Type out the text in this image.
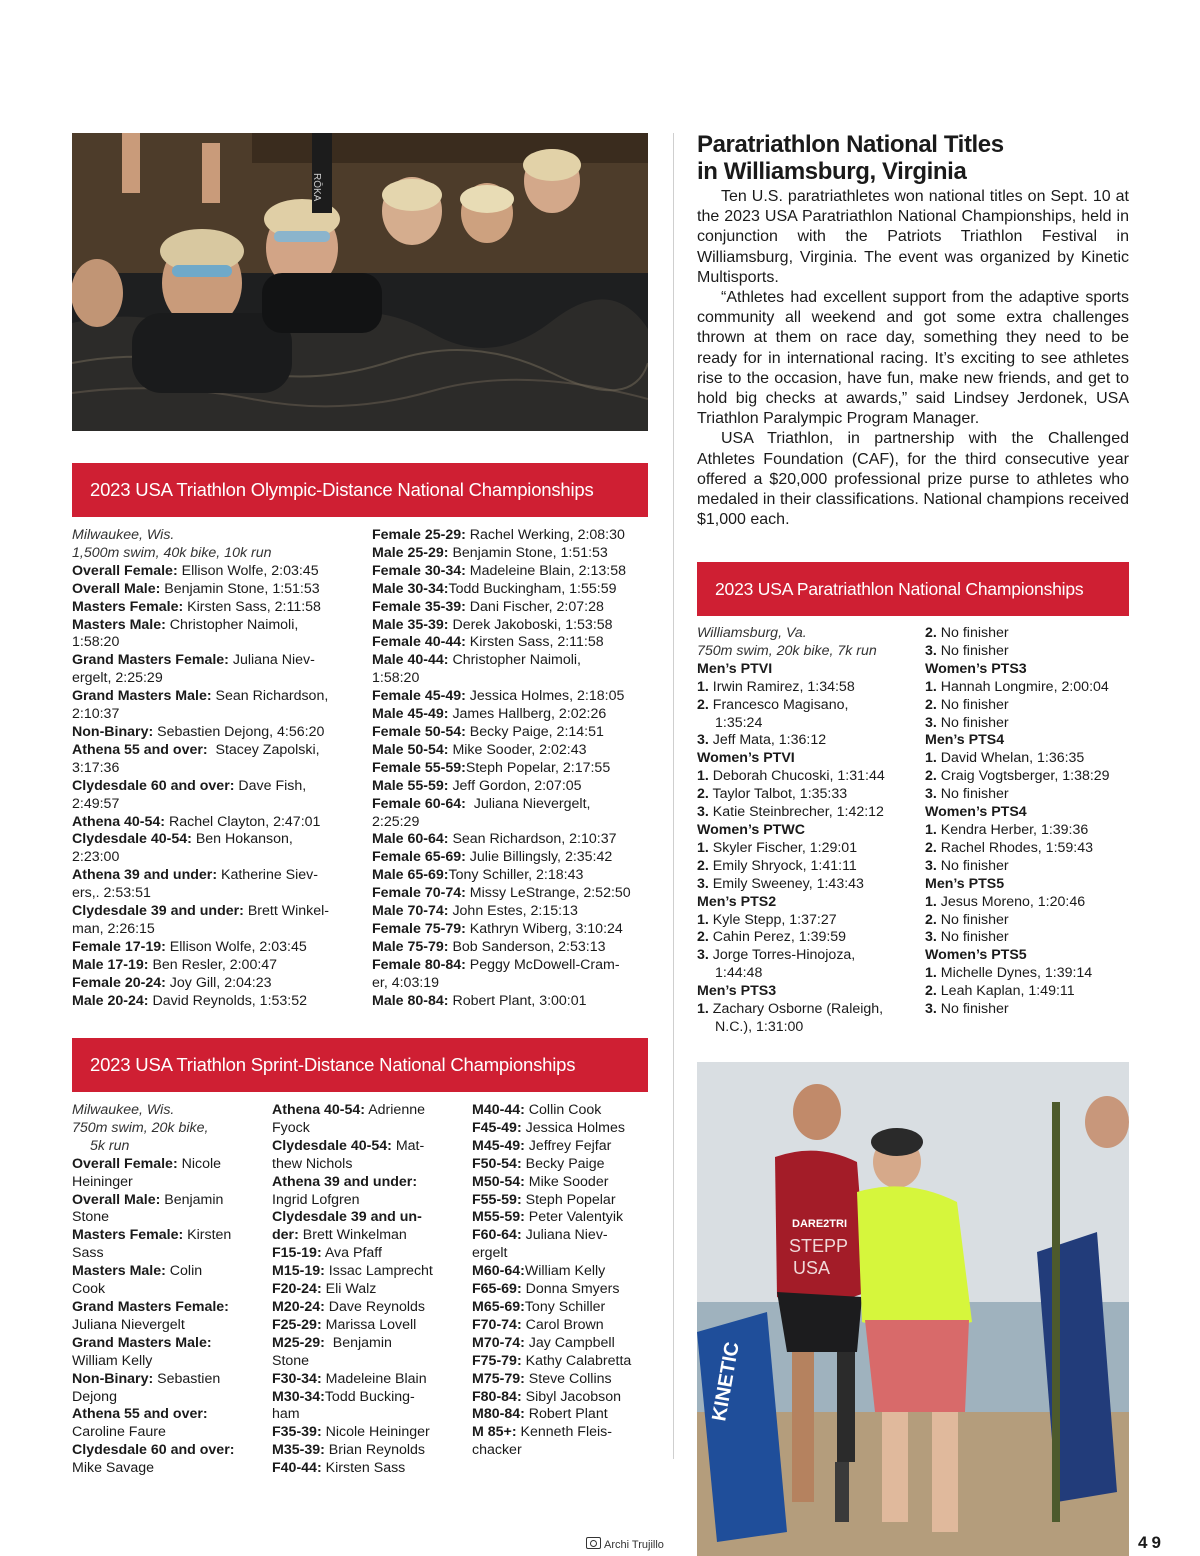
RŌKA
2023 USA Triathlon Olympic-Distance National Championships
Milwaukee, Wis.
1,500m swim, 40k bike, 10k run
Overall Female: Ellison Wolfe, 2:03:45
Overall Male: Benjamin Stone, 1:51:53
Masters Female: Kirsten Sass, 2:11:58
Masters Male: Christopher Naimoli,
1:58:20
Grand Masters Female: Juliana Niev-
ergelt, 2:25:29
Grand Masters Male: Sean Richardson,
2:10:37
Non-Binary: Sebastien Dejong, 4:56:20
Athena 55 and over:  Stacey Zapolski,
3:17:36
Clydesdale 60 and over: Dave Fish,
2:49:57
Athena 40-54: Rachel Clayton, 2:47:01
Clydesdale 40-54: Ben Hokanson,
2:23:00
Athena 39 and under: Katherine Siev-
ers,. 2:53:51
Clydesdale 39 and under: Brett Winkel-
man, 2:26:15
Female 17-19: Ellison Wolfe, 2:03:45
Male 17-19: Ben Resler, 2:00:47
Female 20-24: Joy Gill, 2:04:23
Male 20-24: David Reynolds, 1:53:52
Female 25-29: Rachel Werking, 2:08:30
Male 25-29: Benjamin Stone, 1:51:53
Female 30-34: Madeleine Blain, 2:13:58
Male 30-34:Todd Buckingham, 1:55:59
Female 35-39: Dani Fischer, 2:07:28
Male 35-39: Derek Jakoboski, 1:53:58
Female 40-44: Kirsten Sass, 2:11:58
Male 40-44: Christopher Naimoli,
1:58:20
Female 45-49: Jessica Holmes, 2:18:05
Male 45-49: James Hallberg, 2:02:26
Female 50-54: Becky Paige, 2:14:51
Male 50-54: Mike Sooder, 2:02:43
Female 55-59:Steph Popelar, 2:17:55
Male 55-59: Jeff Gordon, 2:07:05
Female 60-64:  Juliana Nievergelt,
2:25:29
Male 60-64: Sean Richardson, 2:10:37
Female 65-69: Julie Billingsly, 2:35:42
Male 65-69:Tony Schiller, 2:18:43
Female 70-74: Missy LeStrange, 2:52:50
Male 70-74: John Estes, 2:15:13
Female 75-79: Kathryn Wiberg, 3:10:24
Male 75-79: Bob Sanderson, 2:53:13
Female 80-84: Peggy McDowell-Cram-
er, 4:03:19
Male 80-84: Robert Plant, 3:00:01
2023 USA Triathlon Sprint-Distance National Championships
Milwaukee, Wis.
750m swim, 20k bike,
5k run
Overall Female: Nicole
Heininger
Overall Male: Benjamin
Stone
Masters Female: Kirsten
Sass
Masters Male: Colin
Cook
Grand Masters Female:
Juliana Nievergelt
Grand Masters Male:
William Kelly
Non-Binary: Sebastien
Dejong
Athena 55 and over:
Caroline Faure
Clydesdale 60 and over:
Mike Savage
Athena 40-54: Adrienne
Fyock
Clydesdale 40-54: Mat-
thew Nichols
Athena 39 and under:
Ingrid Lofgren
Clydesdale 39 and un-
der: Brett Winkelman
F15-19: Ava Pfaff
M15-19: Issac Lamprecht
F20-24: Eli Walz
M20-24: Dave Reynolds
F25-29: Marissa Lovell
M25-29:  Benjamin
Stone
F30-34: Madeleine Blain
M30-34:Todd Bucking-
ham
F35-39: Nicole Heininger
M35-39: Brian Reynolds
F40-44: Kirsten Sass
M40-44: Collin Cook
F45-49: Jessica Holmes
M45-49: Jeffrey Fejfar
F50-54: Becky Paige
M50-54: Mike Sooder
F55-59: Steph Popelar
M55-59: Peter Valentyik
F60-64: Juliana Niev-
ergelt
M60-64:William Kelly
F65-69: Donna Smyers
M65-69:Tony Schiller
F70-74: Carol Brown
M70-74: Jay Campbell
F75-79: Kathy Calabretta
M75-79: Steve Collins
F80-84: Sibyl Jacobson
M80-84: Robert Plant
M 85+: Kenneth Fleis-
chacker
Paratriathlon National Titles
in Williamsburg, Virginia

Ten U.S. paratriathletes won national titles on Sept. 10 at the 2023 USA Paratriathlon National Championships, held in conjunction with the Patriots Triathlon Festival in Williamsburg, Virginia. The event was organized by Kinetic Multisports.

“Athletes had excellent support from the adaptive sports community all weekend and got some extra challenges thrown at them on race day, something they need to be ready for in international racing. It’s exciting to see athletes rise to the occasion, have fun, make new friends, and get to hold big checks at awards,” said Lindsey Jerdonek, USA Triathlon Paralympic Program Manager.

USA Triathlon, in partnership with the Challenged Athletes Foundation (CAF), for the third consecutive year offered a $20,000 professional prize purse to athletes who medaled in their classifications. National champions received $1,000 each.

2023 USA Paratriathlon National Championships
Williamsburg, Va.
750m swim, 20k bike, 7k run
Men’s PTVI
1. Irwin Ramirez, 1:34:58
2. Francesco Magisano,
1:35:24
3. Jeff Mata, 1:36:12
Women’s PTVI
1. Deborah Chucoski, 1:31:44
2. Taylor Talbot, 1:35:33
3. Katie Steinbrecher, 1:42:12
Women’s PTWC
1. Skyler Fischer, 1:29:01
2. Emily Shryock, 1:41:11
3. Emily Sweeney, 1:43:43
Men’s PTS2
1. Kyle Stepp, 1:37:27
2. Cahin Perez, 1:39:59
3. Jorge Torres-Hinojoza,
1:44:48
Men’s PTS3
1. Zachary Osborne (Raleigh,
N.C.), 1:31:00
2. No finisher
3. No finisher
Women’s PTS3
1. Hannah Longmire, 2:00:04
2. No finisher
3. No finisher
Men’s PTS4
1. David Whelan, 1:36:35
2. Craig Vogtsberger, 1:38:29
3. No finisher
Women’s PTS4
1. Kendra Herber, 1:39:36
2. Rachel Rhodes, 1:59:43
3. No finisher
Men’s PTS5
1. Jesus Moreno, 1:20:46
2. No finisher
3. No finisher
Women’s PTS5
1. Michelle Dynes, 1:39:14
2. Leah Kaplan, 1:49:11
3. No finisher
KINETIC
DARE2TRI
STEPP
USA
Archi Trujillo	49
